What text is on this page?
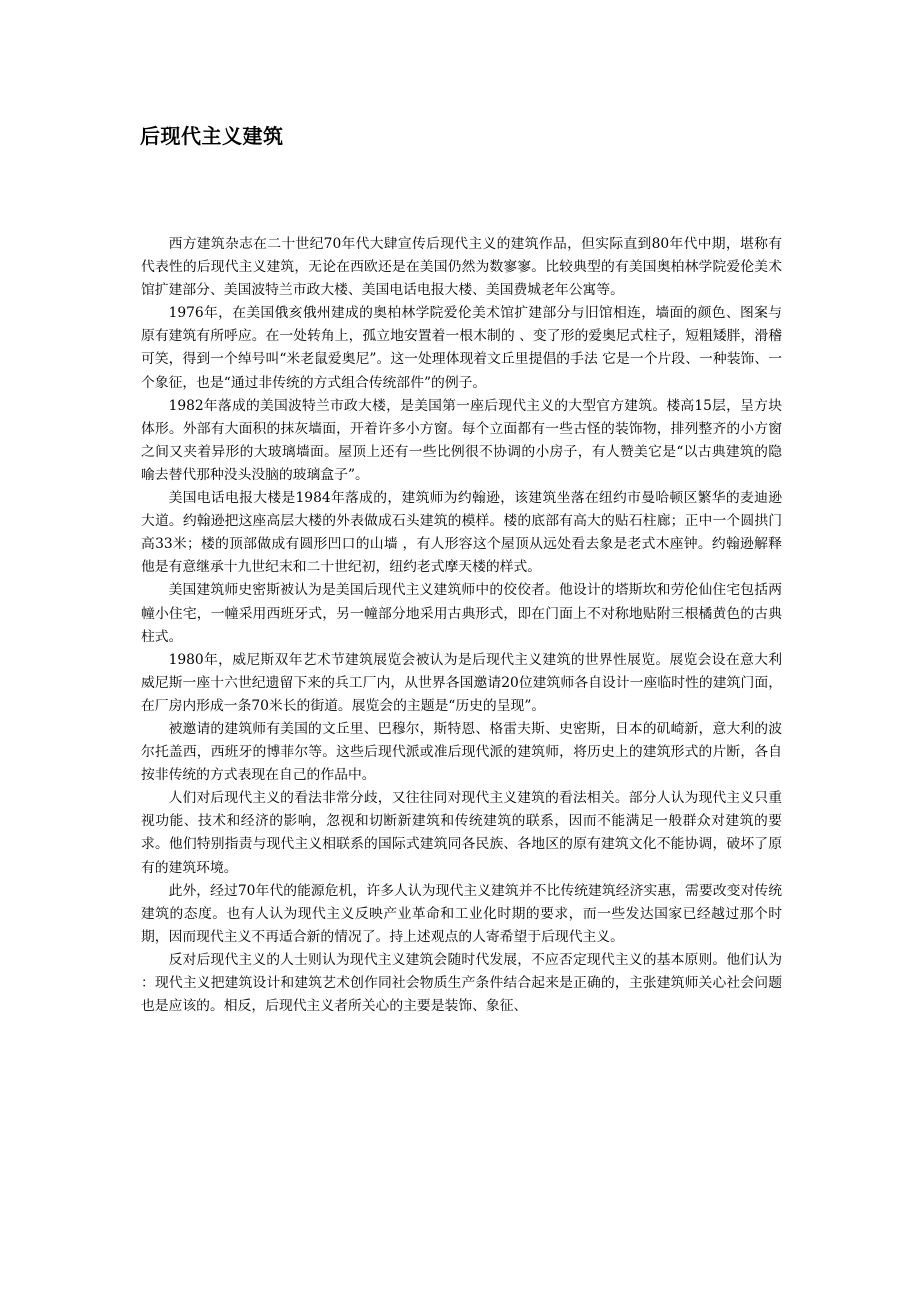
后现代主义建筑

西方建筑杂志在二十世纪70年代大肆宣传后现代主义的建筑作品，但实际直到80年代中期，堪称有代表性的后现代主义建筑，无论在西欧还是在美国仍然为数寥寥。比较典型的有美国奥柏林学院爱伦美术馆扩建部分、美国波特兰市政大楼、美国电话电报大楼、美国费城老年公寓等。

1976年，在美国俄亥俄州建成的奥柏林学院爱伦美术馆扩建部分与旧馆相连，墙面的颜色、图案与原有建筑有所呼应。在一处转角上，孤立地安置着一根木制的 、变了形的爱奥尼式柱子，短粗矮胖，滑稽可笑，得到一个绰号叫“米老鼠爱奥尼”。这一处理体现着文丘里提倡的手法 它是一个片段、一种装饰、一个象征，也是“通过非传统的方式组合传统部件”的例子。

1982年落成的美国波特兰市政大楼，是美国第一座后现代主义的大型官方建筑。楼高15层，呈方块体形。外部有大面积的抹灰墙面，开着许多小方窗。每个立面都有一些古怪的装饰物，排列整齐的小方窗之间又夹着异形的大玻璃墙面。屋顶上还有一些比例很不协调的小房子，有人赞美它是“以古典建筑的隐喻去替代那种没头没脑的玻璃盒子”。

美国电话电报大楼是1984年落成的，建筑师为约翰逊，该建筑坐落在纽约市曼哈顿区繁华的麦迪逊大道。约翰逊把这座高层大楼的外表做成石头建筑的模样。楼的底部有高大的贴石柱廊；正中一个圆拱门高33米；楼的顶部做成有圆形凹口的山墙 ，有人形容这个屋顶从远处看去象是老式木座钟。约翰逊解释他是有意继承十九世纪末和二十世纪初，纽约老式摩天楼的样式。

美国建筑师史密斯被认为是美国后现代主义建筑师中的佼佼者。他设计的塔斯坎和劳伦仙住宅包括两幢小住宅，一幢采用西班牙式，另一幢部分地采用古典形式，即在门面上不对称地贴附三根橘黄色的古典柱式。

1980年，威尼斯双年艺术节建筑展览会被认为是后现代主义建筑的世界性展览。展览会设在意大利威尼斯一座十六世纪遗留下来的兵工厂内，从世界各国邀请20位建筑师各自设计一座临时性的建筑门面，在厂房内形成一条70米长的街道。展览会的主题是“历史的呈现”。

被邀请的建筑师有美国的文丘里、巴穆尔，斯特恩、格雷夫斯、史密斯，日本的矶崎新，意大利的波尔托盖西，西班牙的博菲尔等。这些后现代派或准后现代派的建筑师，将历史上的建筑形式的片断，各自按非传统的方式表现在自己的作品中。

人们对后现代主义的看法非常分歧，又往往同对现代主义建筑的看法相关。部分人认为现代主义只重视功能、技术和经济的影响，忽视和切断新建筑和传统建筑的联系，因而不能满足一般群众对建筑的要求。他们特别指责与现代主义相联系的国际式建筑同各民族、各地区的原有建筑文化不能协调，破坏了原有的建筑环境。

此外，经过70年代的能源危机，许多人认为现代主义建筑并不比传统建筑经济实惠，需要改变对传统建筑的态度。也有人认为现代主义反映产业革命和工业化时期的要求，而一些发达国家已经越过那个时期，因而现代主义不再适合新的情况了。持上述观点的人寄希望于后现代主义。

反对后现代主义的人士则认为现代主义建筑会随时代发展，不应否定现代主义的基本原则。他们认为 ：现代主义把建筑设计和建筑艺术创作同社会物质生产条件结合起来是正确的，主张建筑师关心社会问题也是应该的。相反，后现代主义者所关心的主要是装饰、象征、
